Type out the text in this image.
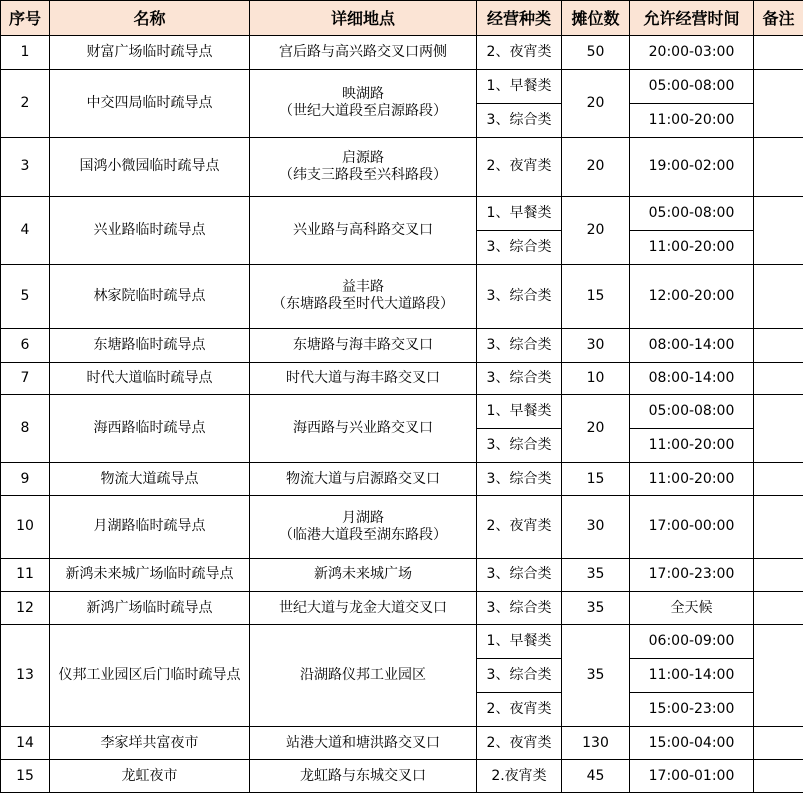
序号	名称	详细地点	经营种类	摊位数	允许经营时间	备注
1	财富广场临时疏导点	宫后路与高兴路交叉口两侧	2、夜宵类	50	20:00-03:00	
2	中交四局临时疏导点	映湖路
（世纪大道段至启源路段）	1、早餐类	20	05:00-08:00	
			3、综合类		11:00-20:00	
3	国鸿小微园临时疏导点	启源路
（纬支三路段至兴科路段）	2、夜宵类	20	19:00-02:00	
4	兴业路临时疏导点	兴业路与高科路交叉口	1、早餐类	20	05:00-08:00	
			3、综合类		11:00-20:00	
5	林家院临时疏导点	益丰路
（东塘路段至时代大道路段）	3、综合类	15	12:00-20:00	
6	东塘路临时疏导点	东塘路与海丰路交叉口	3、综合类	30	08:00-14:00	
7	时代大道临时疏导点	时代大道与海丰路交叉口	3、综合类	10	08:00-14:00	
8	海西路临时疏导点	海西路与兴业路交叉口	1、早餐类	20	05:00-08:00	
			3、综合类		11:00-20:00	
9	物流大道疏导点	物流大道与启源路交叉口	3、综合类	15	11:00-20:00	
10	月湖路临时疏导点	月湖路
（临港大道段至湖东路段）	2、夜宵类	30	17:00-00:00	
11	新鸿未来城广场临时疏导点	新鸿未来城广场	3、综合类	35	17:00-23:00	
12	新鸿广场临时疏导点	世纪大道与龙金大道交叉口	3、综合类	35	全天候	
13	仪邦工业园区后门临时疏导点	沿湖路仪邦工业园区	1、早餐类	35	06:00-09:00	
			3、综合类		11:00-14:00	
			2、夜宵类		15:00-23:00	
14	李家垟共富夜市	站港大道和塘洪路交叉口	2、夜宵类	130	15:00-04:00	
15	龙虹夜市	龙虹路与东城交叉口	2.夜宵类	45	17:00-01:00	
